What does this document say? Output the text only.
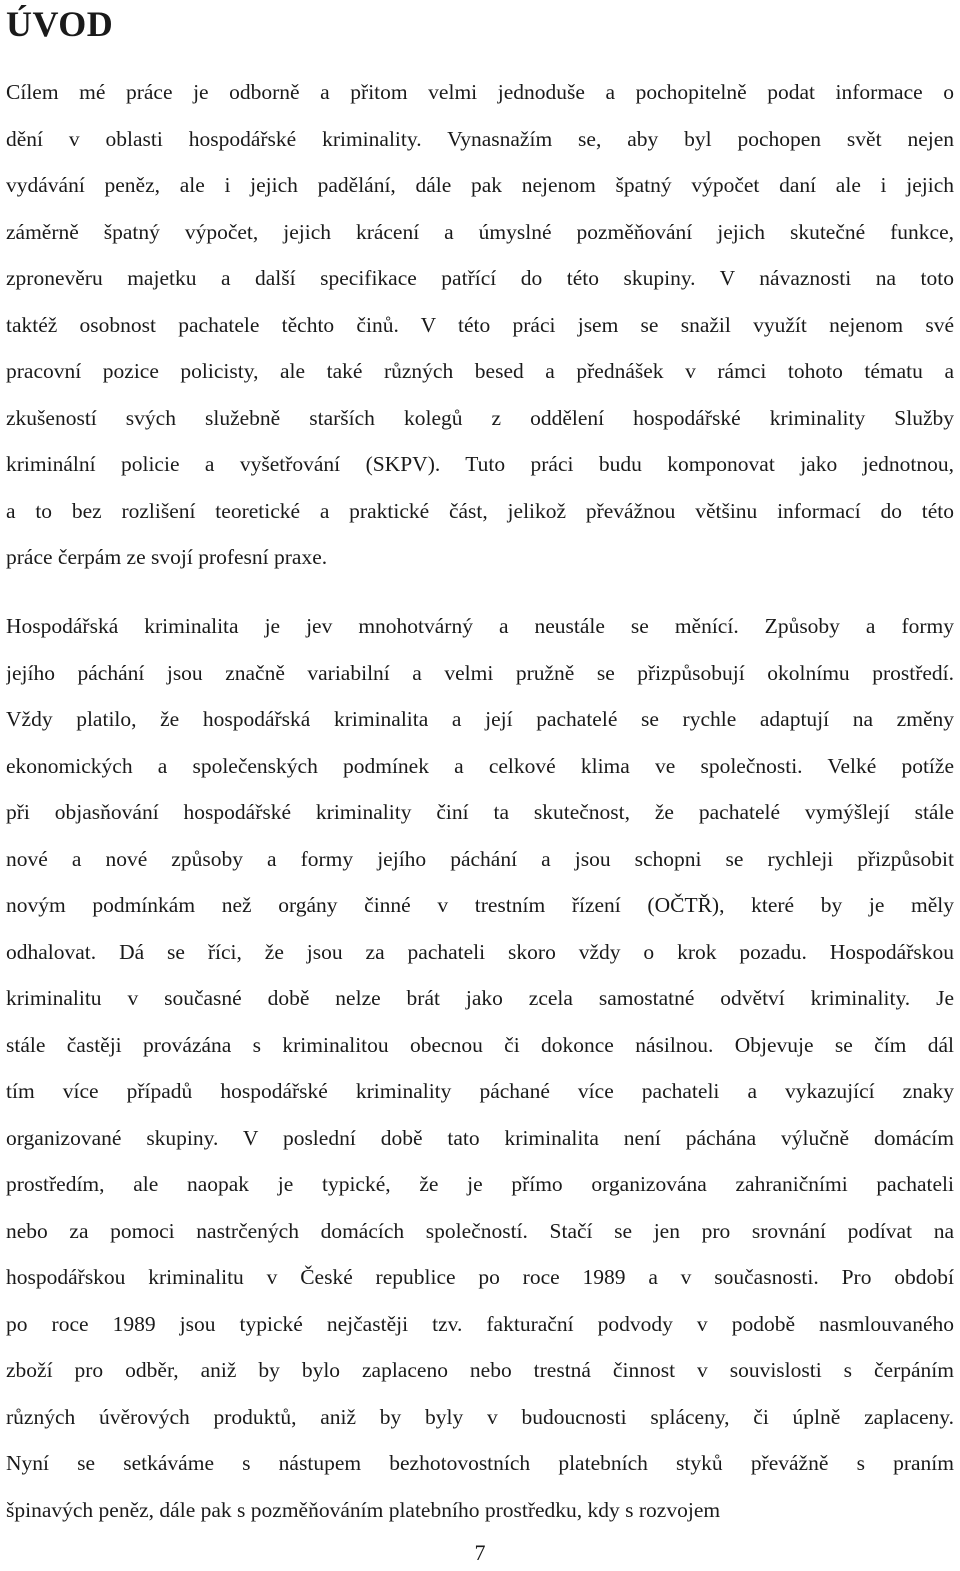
ÚVOD
Cílem mé práce je odborně a přitom velmi jednoduše a pochopitelně podat informace o
dění v oblasti hospodářské kriminality. Vynasnažím se, aby byl pochopen svět nejen
vydávání peněz, ale i jejich padělání, dále pak nejenom špatný výpočet daní ale i jejich
záměrně špatný výpočet, jejich krácení a úmyslné pozměňování jejich skutečné funkce,
zpronevěru majetku a další specifikace patřící do této skupiny. V návaznosti na toto
taktéž osobnost pachatele těchto činů. V této práci jsem se snažil využít nejenom své
pracovní pozice policisty, ale také různých besed a přednášek v rámci tohoto tématu a
zkušeností svých služebně starších kolegů z oddělení hospodářské kriminality Služby
kriminální policie a vyšetřování (SKPV). Tuto práci budu komponovat jako jednotnou,
a to bez rozlišení teoretické a praktické část, jelikož převážnou většinu informací do této
práce čerpám ze svojí profesní praxe.
Hospodářská kriminalita je jev mnohotvárný a neustále se měnící. Způsoby a formy
jejího páchání jsou značně variabilní a velmi pružně se přizpůsobují okolnímu prostředí.
Vždy platilo, že hospodářská kriminalita a její pachatelé se rychle adaptují na změny
ekonomických a společenských podmínek a celkové klima ve společnosti. Velké potíže
při objasňování hospodářské kriminality činí ta skutečnost, že pachatelé vymýšlejí stále
nové a nové způsoby a formy jejího páchání a jsou schopni se rychleji přizpůsobit
novým podmínkám než orgány činné v trestním řízení (OČTŘ), které by je měly
odhalovat. Dá se říci, že jsou za pachateli skoro vždy o krok pozadu. Hospodářskou
kriminalitu v současné době nelze brát jako zcela samostatné odvětví kriminality. Je
stále častěji provázána s kriminalitou obecnou či dokonce násilnou. Objevuje se čím dál
tím více případů hospodářské kriminality páchané více pachateli a vykazující znaky
organizované skupiny. V poslední době tato kriminalita není páchána výlučně domácím
prostředím, ale naopak je typické, že je přímo organizována zahraničními pachateli
nebo za pomoci nastrčených domácích společností. Stačí se jen pro srovnání podívat na
hospodářskou kriminalitu v České republice po roce 1989 a v současnosti. Pro období
po roce 1989 jsou typické nejčastěji tzv. fakturační podvody v podobě nasmlouvaného
zboží pro odběr, aniž by bylo zaplaceno nebo trestná činnost v souvislosti s čerpáním
různých úvěrových produktů, aniž by byly v budoucnosti spláceny, či úplně zaplaceny.
Nyní se setkáváme s nástupem bezhotovostních platebních styků převážně s praním
špinavých peněz, dále pak s pozměňováním platebního prostředku, kdy s rozvojem
7
